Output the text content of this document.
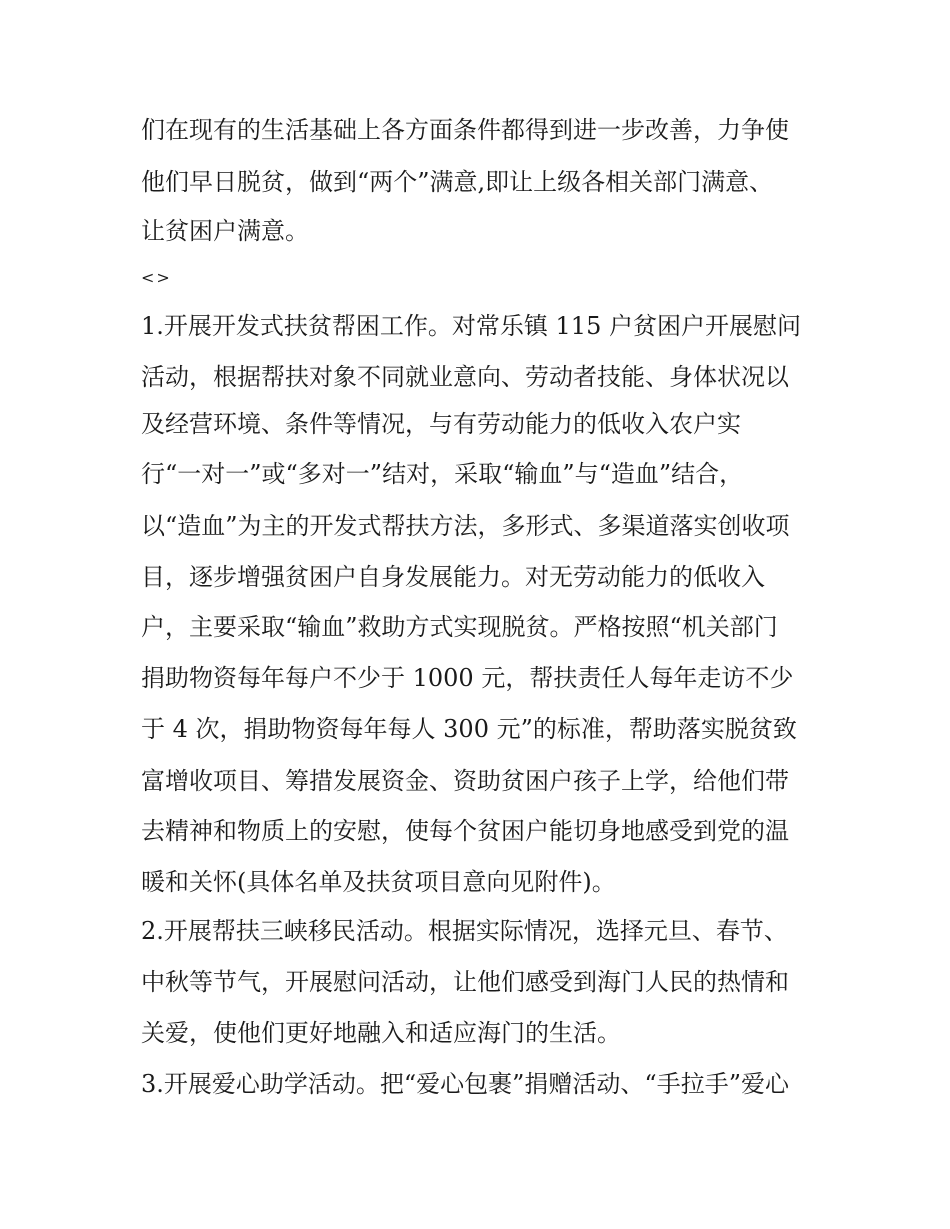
们在现有的生活基础上各方面条件都得到进一步改善，力争使
他们早日脱贫，做到“两个”满意,即让上级各相关部门满意、
让贫困户满意。
<>
1.开展开发式扶贫帮困工作。对常乐镇 115 户贫困户开展慰问
活动，根据帮扶对象不同就业意向、劳动者技能、身体状况以
及经营环境、条件等情况，与有劳动能力的低收入农户实
行“一对一”或“多对一”结对，采取“输血”与“造血”结合，
以“造血”为主的开发式帮扶方法，多形式、多渠道落实创收项
目，逐步增强贫困户自身发展能力。对无劳动能力的低收入
户，主要采取“输血”救助方式实现脱贫。严格按照“机关部门
捐助物资每年每户不少于 1000 元，帮扶责任人每年走访不少
于 4 次，捐助物资每年每人 300 元”的标准，帮助落实脱贫致
富增收项目、筹措发展资金、资助贫困户孩子上学，给他们带
去精神和物质上的安慰，使每个贫困户能切身地感受到党的温
暖和关怀(具体名单及扶贫项目意向见附件)。
2.开展帮扶三峡移民活动。根据实际情况，选择元旦、春节、
中秋等节气，开展慰问活动，让他们感受到海门人民的热情和
关爱，使他们更好地融入和适应海门的生活。
3.开展爱心助学活动。把“爱心包裹”捐赠活动、“手拉手”爱心
